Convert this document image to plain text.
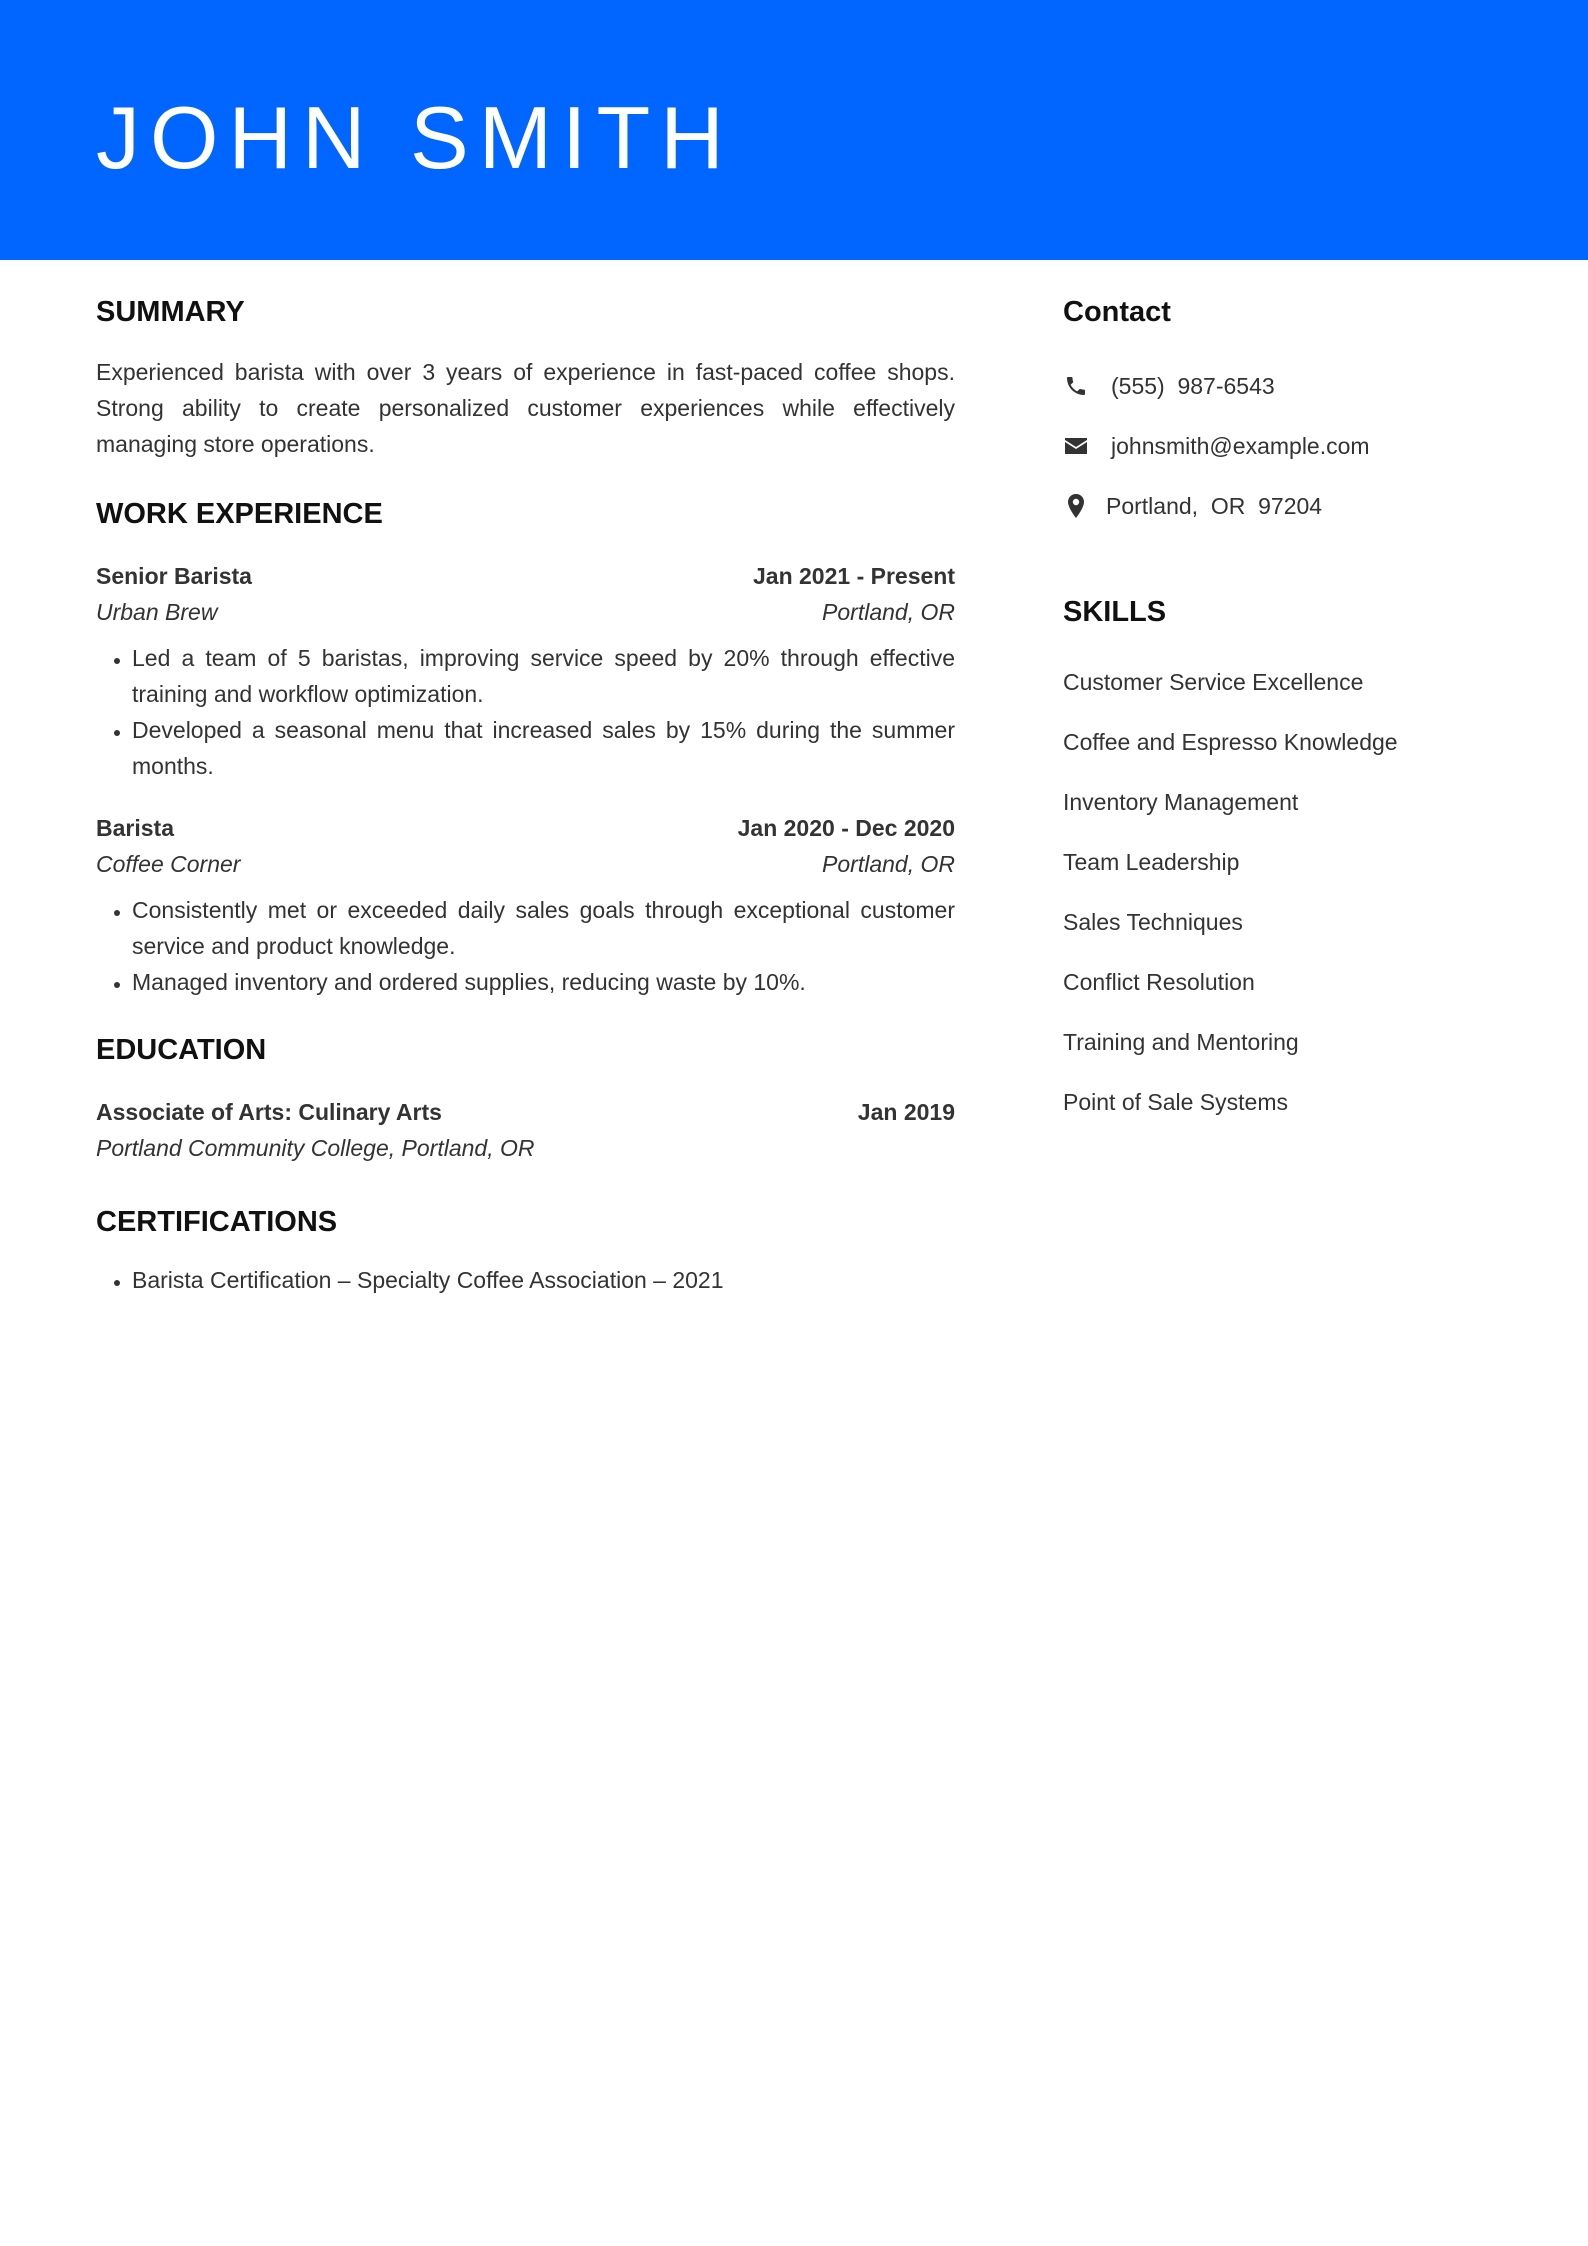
JOHN SMITH
SUMMARY

Experienced barista with over 3 years of experience in fast-paced coffee shops. Strong ability to create personalized customer experiences while effectively managing store operations.

WORK EXPERIENCE
Senior Barista	Jan 2021 - Present
Urban Brew	Portland, OR
• Led a team of 5 baristas, improving service speed by 20% through effective training and workflow optimization.
• Developed a seasonal menu that increased sales by 15% during the summer months.
Barista	Jan 2020 - Dec 2020
Coffee Corner	Portland, OR
• Consistently met or exceeded daily sales goals through exceptional customer service and product knowledge.
• Managed inventory and ordered supplies, reducing waste by 10%.
EDUCATION
Associate of Arts: Culinary Arts	Jan 2019
Portland Community College, Portland, OR
CERTIFICATIONS
• Barista Certification – Specialty Coffee Association – 2021
Contact
(555)  987-6543
johnsmith@example.com
Portland,  OR  97204
SKILLS
Customer Service Excellence
Coffee and Espresso Knowledge
Inventory Management
Team Leadership
Sales Techniques
Conflict Resolution
Training and Mentoring
Point of Sale Systems
